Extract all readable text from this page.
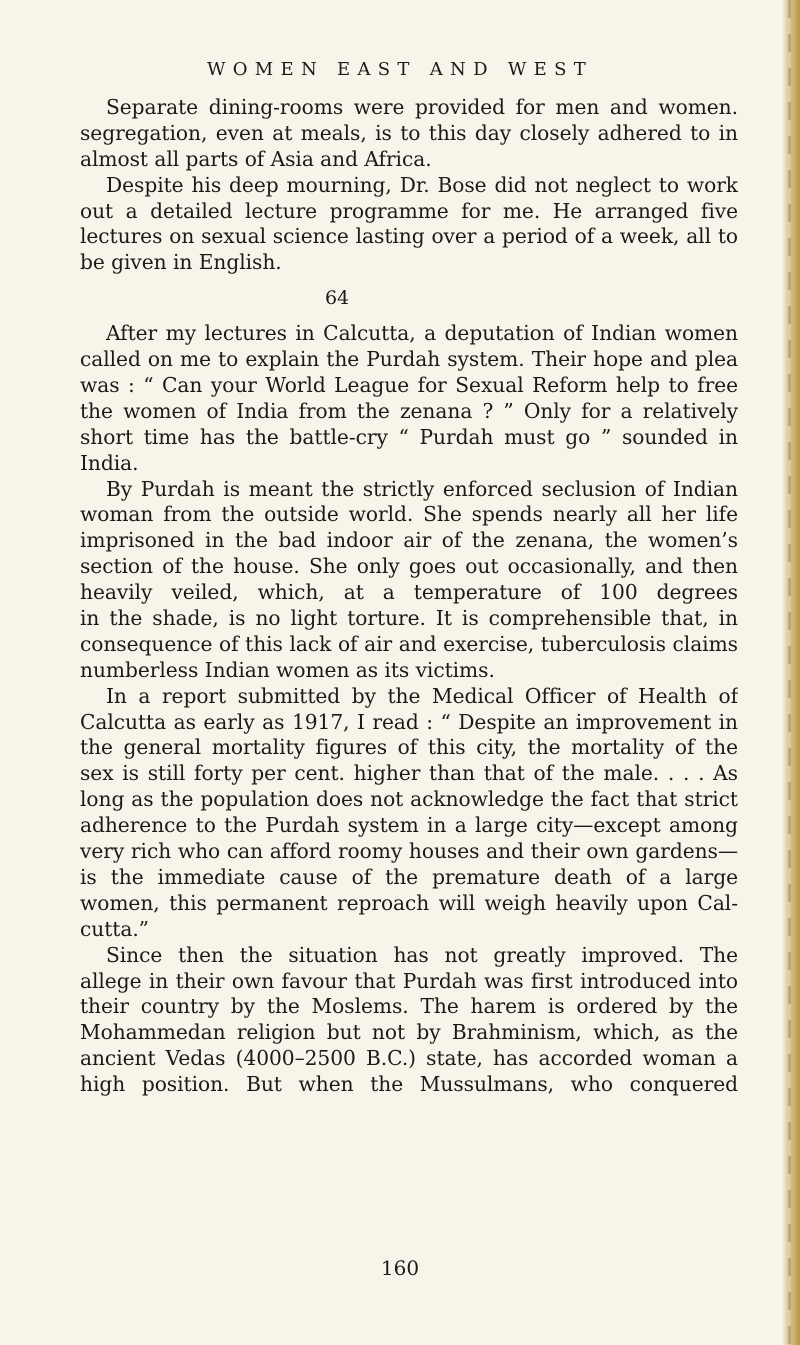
WOMEN EAST AND WEST
Separate dining-rooms were provided for men and women.
segregation, even at meals, is to this day closely adhered to in
almost all parts of Asia and Africa.
Despite his deep mourning, Dr. Bose did not neglect to work
out a detailed lecture programme for me. He arranged five
lectures on sexual science lasting over a period of a week, all to
be given in English.
64
After my lectures in Calcutta, a deputation of Indian women
called on me to explain the Purdah system. Their hope and plea
was : “ Can your World League for Sexual Reform help to free
the women of India from the zenana ? ” Only for a relatively
short time has the battle-cry “ Purdah must go ” sounded in
India.
By Purdah is meant the strictly enforced seclusion of Indian
woman from the outside world. She spends nearly all her life
imprisoned in the bad indoor air of the zenana, the women’s
section of the house. She only goes out occasionally, and then
heavily veiled, which, at a temperature of 100 degrees
in the shade, is no light torture. It is comprehensible that, in
consequence of this lack of air and exercise, tuberculosis claims
numberless Indian women as its victims.
In a report submitted by the Medical Officer of Health of
Calcutta as early as 1917, I read : “ Despite an improvement in
the general mortality figures of this city, the mortality of the
sex is still forty per cent. higher than that of the male. . . . As
long as the population does not acknowledge the fact that strict
adherence to the Purdah system in a large city—except among
very rich who can afford roomy houses and their own gardens—
is the immediate cause of the premature death of a large
women, this permanent reproach will weigh heavily upon Cal-
cutta.”
Since then the situation has not greatly improved. The
allege in their own favour that Purdah was first introduced into
their country by the Moslems. The harem is ordered by the
Mohammedan religion but not by Brahminism, which, as the
ancient Vedas (4000–2500 B.C.) state, has accorded woman a
high position. But when the Mussulmans, who conquered
160
